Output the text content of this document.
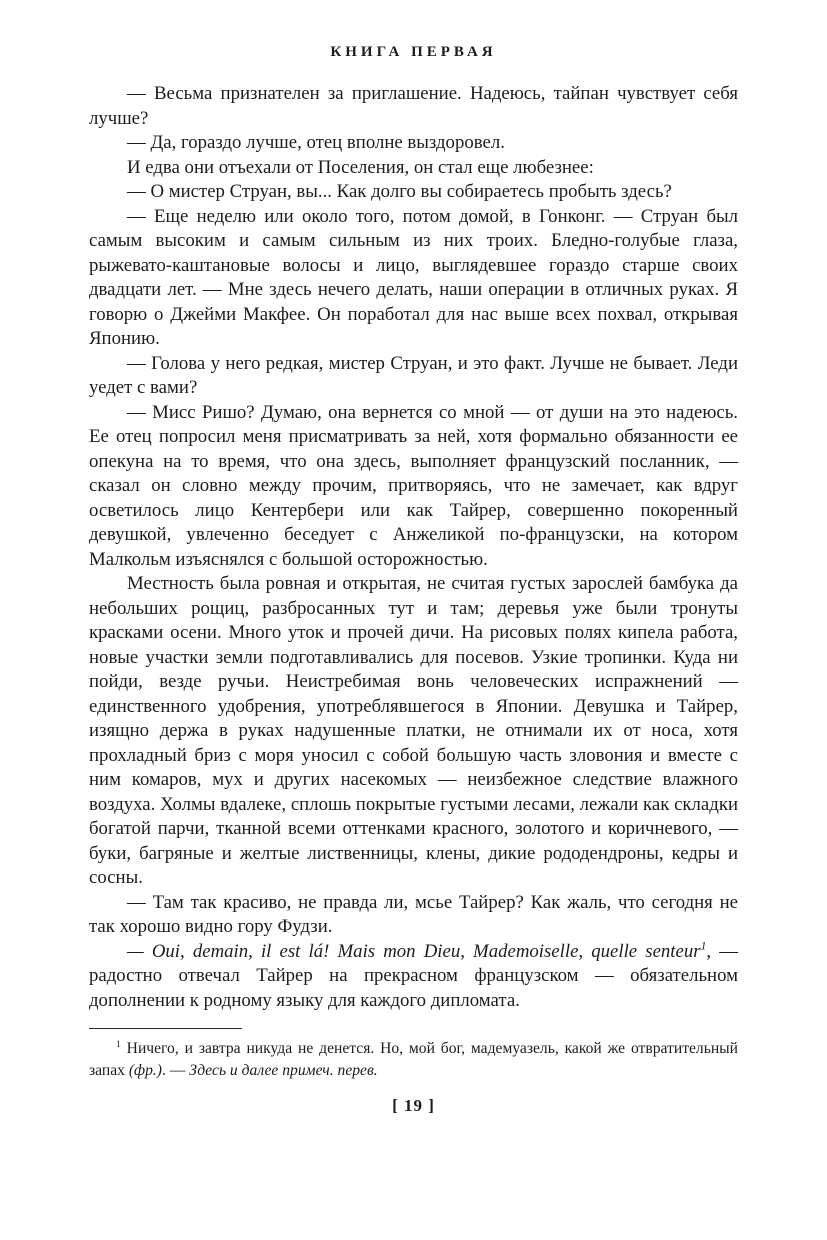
КНИГА ПЕРВАЯ

— Весьма признателен за приглашение. Надеюсь, тайпан чувствует себя лучше?

— Да, гораздо лучше, отец вполне выздоровел.

И едва они отъехали от Поселения, он стал еще любезнее:

— О мистер Струан, вы... Как долго вы собираетесь пробыть здесь?

— Еще неделю или около того, потом домой, в Гонконг. — Струан был самым высоким и самым сильным из них троих. Бледно-голубые глаза, рыжевато-каштановые волосы и лицо, выглядевшее гораздо старше своих двадцати лет. — Мне здесь нечего делать, наши операции в отличных руках. Я говорю о Джейми Макфее. Он поработал для нас выше всех похвал, открывая Японию.

— Голова у него редкая, мистер Струан, и это факт. Лучше не бывает. Леди уедет с вами?

— Мисс Ришо? Думаю, она вернется со мной — от души на это надеюсь. Ее отец попросил меня присматривать за ней, хотя формально обязанности ее опекуна на то время, что она здесь, выполняет французский посланник, — сказал он словно между прочим, притворяясь, что не замечает, как вдруг осветилось лицо Кентербери или как Тайрер, совершенно покоренный девушкой, увлеченно беседует с Анжеликой по-французски, на котором Малкольм изъяснялся с большой осторожностью.

Местность была ровная и открытая, не считая густых зарослей бамбука да небольших рощиц, разбросанных тут и там; деревья уже были тронуты красками осени. Много уток и прочей дичи. На рисовых полях кипела работа, новые участки земли подготавливались для посевов. Узкие тропинки. Куда ни пойди, везде ручьи. Неистребимая вонь человеческих испражнений — единственного удобрения, употреблявшегося в Японии. Девушка и Тайрер, изящно держа в руках надушенные платки, не отнимали их от носа, хотя прохладный бриз с моря уносил с собой большую часть зловония и вместе с ним комаров, мух и других насекомых — неизбежное следствие влажного воздуха. Холмы вдалеке, сплошь покрытые густыми лесами, лежали как складки богатой парчи, тканной всеми оттенками красного, золотого и коричневого, — буки, багряные и желтые лиственницы, клены, дикие рододендроны, кедры и сосны.

— Там так красиво, не правда ли, мсье Тайрер? Как жаль, что сегодня не так хорошо видно гору Фудзи.

— Oui, demain, il est lá! Mais mon Dieu, Mademoiselle, quelle senteur$^1$, — радостно отвечал Тайрер на прекрасном французском — обязательном дополнении к родному языку для каждого дипломата.

$^1$ Ничего, и завтра никуда не денется. Но, мой бог, мадемуазель, какой же отвратительный запах (фр.). — Здесь и далее примеч. перев.

[ 19 ]
